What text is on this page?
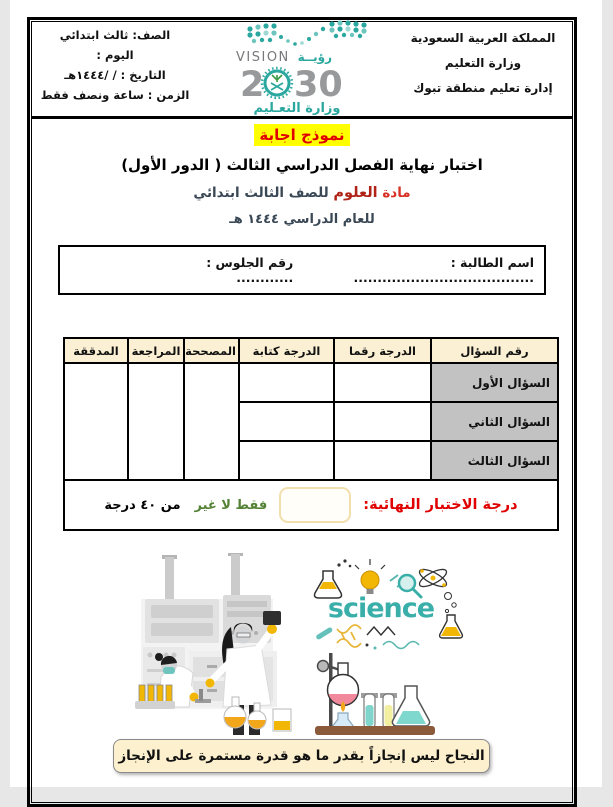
الصف: ثالث ابتدائي
اليوم :
التاريخ : / /١٤٤٤هـ
الزمن : ساعة ونصف فقط
VISION رؤيــة
2 30
وزارة التعـليم
المملكة العربية السعودية
وزارة التعليم
إدارة تعليم منطقة تبوك
نموذج اجابة
اختبار نهاية الفصل الدراسي الثالث ( الدور الأول)
مادة العلوم للصف الثالث ابتدائي
للعام الدراسي ١٤٤٤ هـ
اسم الطالبة : ......................................
رقم الجلوس : ............
رقم السؤال	الدرجة رقما	الدرجة كتابة	المصححة	المراجعة	المدققة
السؤال الأول					
السؤال الثاني					
السؤال الثالث					

درجة الاختبار النهائية:
فقط لا غير
من ٤٠ درجة					
science
النجاح ليس إنجازاً بقدر ما هو قدرة مستمرة على الإنجاز
